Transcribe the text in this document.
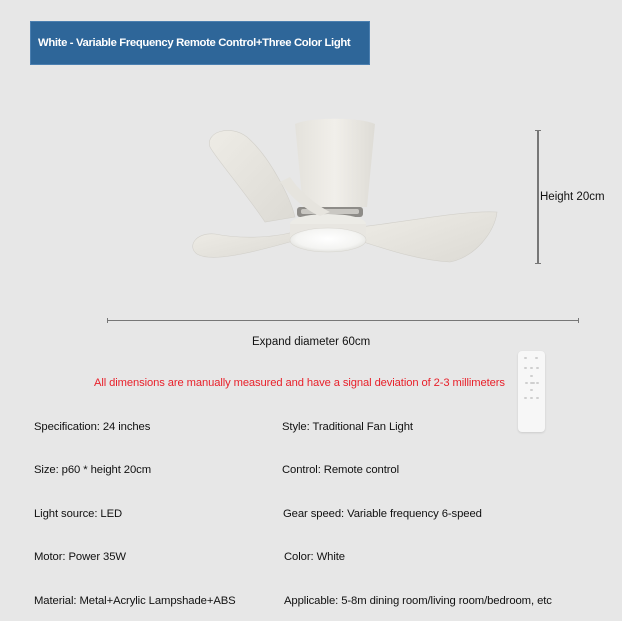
White - Variable Frequency Remote Control+Three Color Light
Height 20cm
Expand diameter 60cm
All dimensions are manually measured and have a signal deviation of 2-3 millimeters
Specification: 24 inches
Size: p60 * height 20cm
Light source: LED
Motor: Power 35W
Material: Metal+Acrylic Lampshade+ABS
Style: Traditional Fan Light
Control: Remote control
Gear speed: Variable frequency 6-speed
Color: White
Applicable: 5-8m dining room/living room/bedroom, etc
